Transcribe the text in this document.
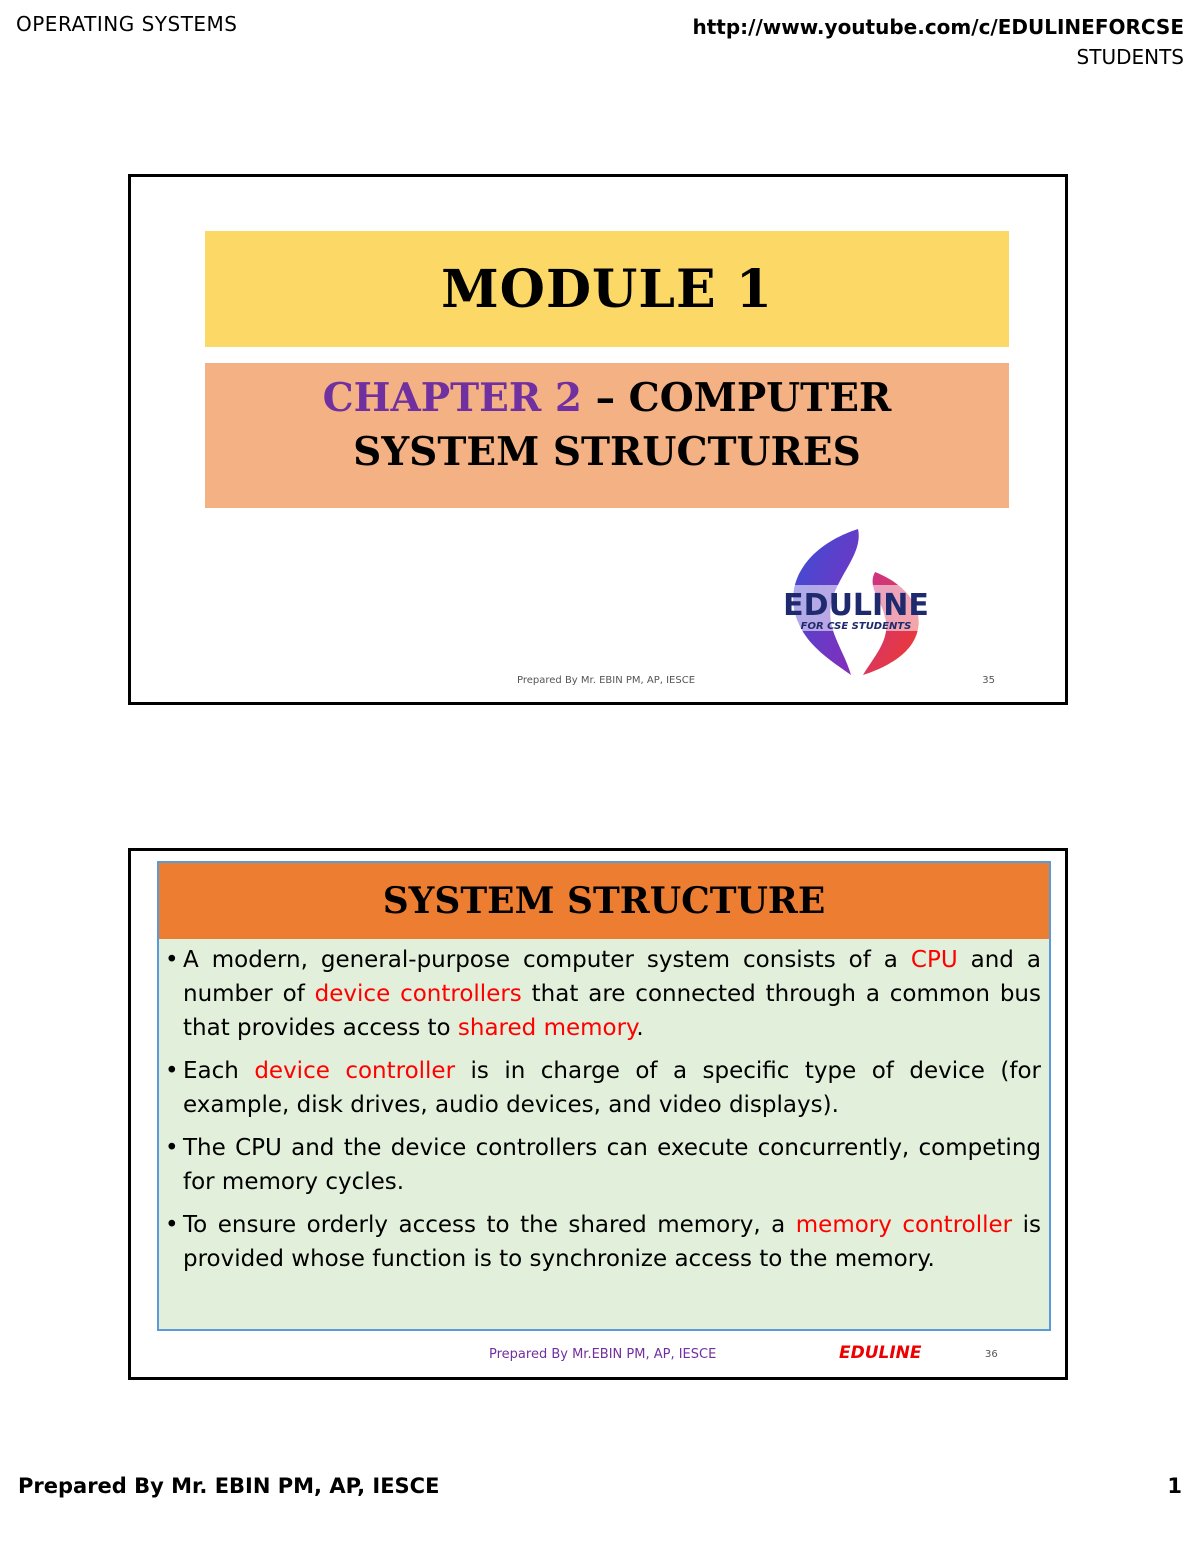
OPERATING SYSTEMS	http://www.youtube.com/c/EDULINEFORCSE
STUDENTS
MODULE 1
CHAPTER 2 – COMPUTER
SYSTEM STRUCTURES
EDULINE
FOR CSE STUDENTS
Prepared By Mr. EBIN PM, AP, IESCE	35
SYSTEM STRUCTURE
• A modern, general-purpose computer system consists of a CPU and a number of device controllers that are connected through a common bus that provides access to shared memory.
• Each device controller is in charge of a specific type of device (for example, disk drives, audio devices, and video displays).
• The CPU and the device controllers can execute concurrently, competing for memory cycles.
• To ensure orderly access to the shared memory, a memory controller is provided whose function is to synchronize access to the memory.
Prepared By Mr.EBIN PM, AP, IESCE	EDULINE	36
Prepared By Mr. EBIN PM, AP, IESCE	1
